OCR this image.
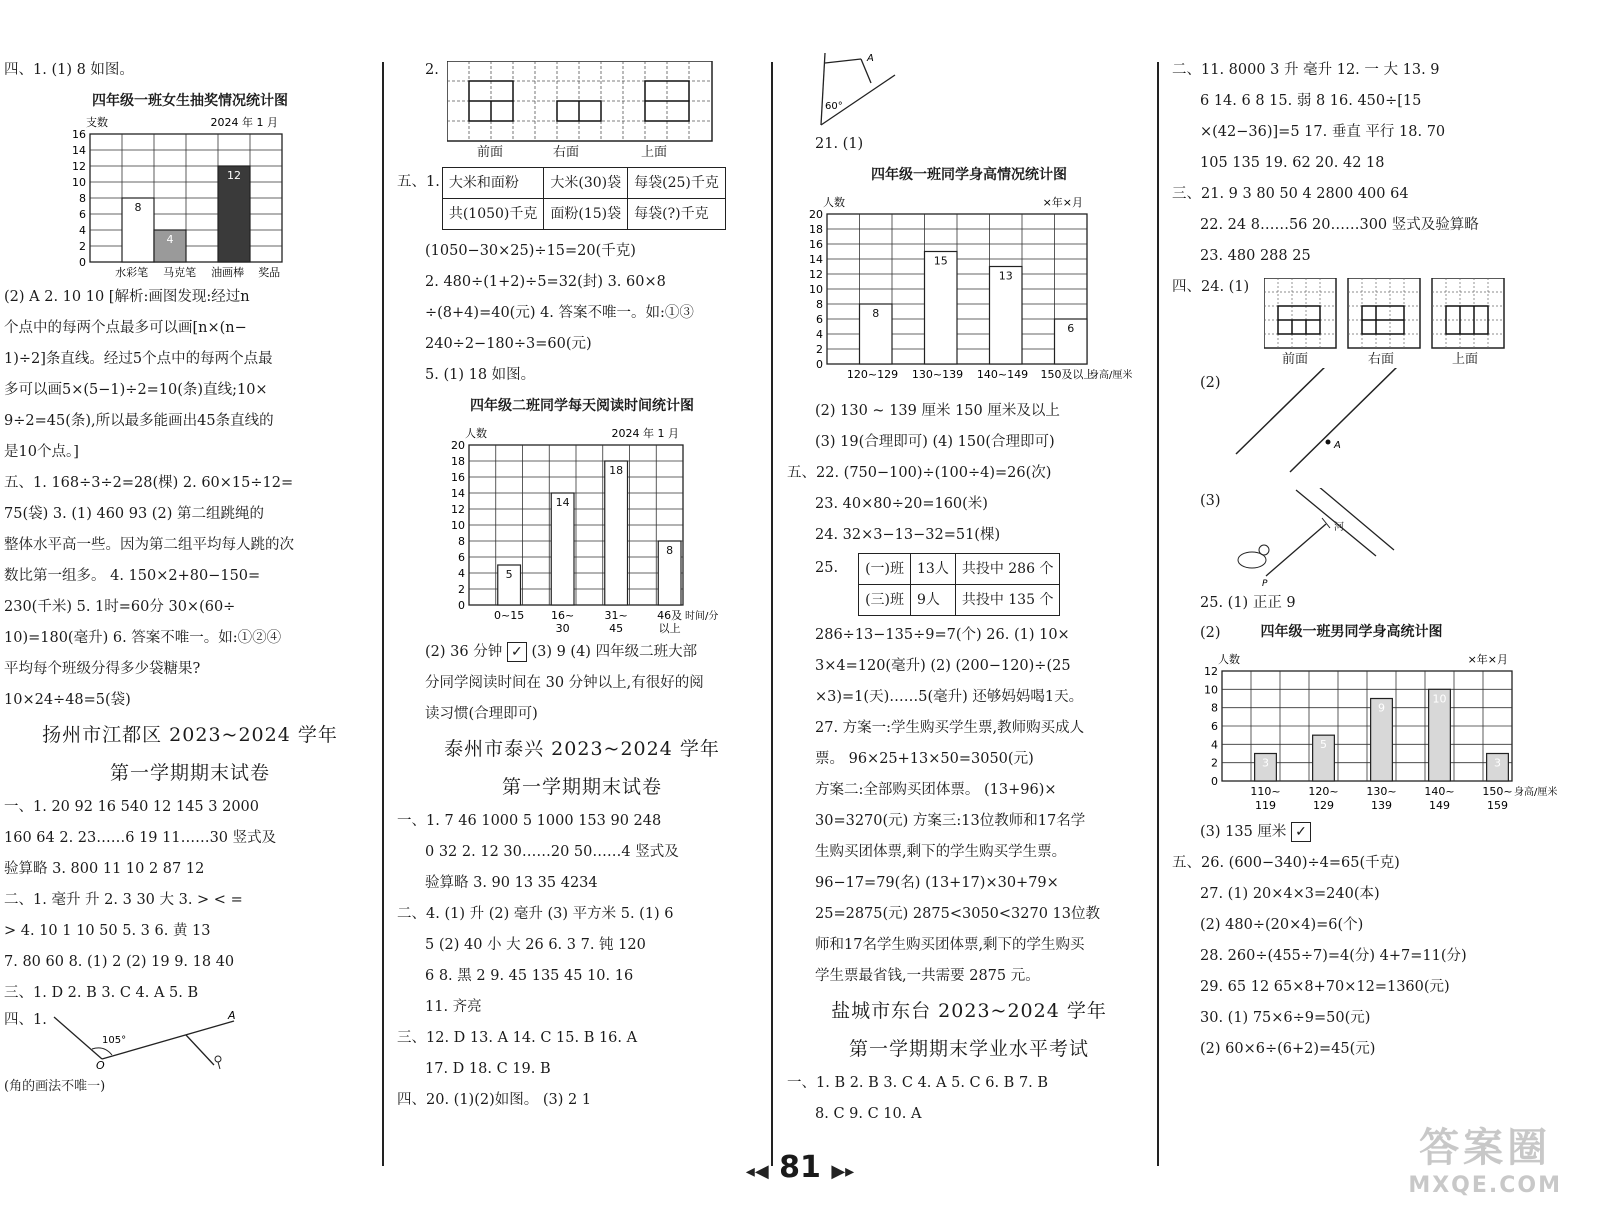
四、1. (1) 8 如图。
四年级一班女生抽奖情况统计图
支数	2024 年 1 月
0
2
4
6
8
10
12
14
16
8
4
12
水彩笔 马克笔 油画棒 奖品
(2) A 2. 10 10 [解析:画图发现:经过n
个点中的每两个点最多可以画[n×(n−
1)÷2]条直线。经过5个点中的每两个点最
多可以画5×(5−1)÷2=10(条)直线;10×
9÷2=45(条),所以最多能画出45条直线的
是10个点。]
五、1. 168÷3÷2=28(棵) 2. 60×15÷12=
75(袋) 3. (1) 460 93 (2) 第二组跳绳的
整体水平高一些。因为第二组平均每人跳的次
数比第一组多。 4. 150×2+80−150=
230(千米) 5. 1时=60分 30×(60÷
10)=180(毫升) 6. 答案不唯一。如:①②④
平均每个班级分得多少袋糖果?
10×24÷48=5(袋)
扬州市江都区 2023~2024 学年
第一学期期末试卷
一、1. 20 92 16 540 12 145 3 2000
160 64 2. 23……6 19 11……30 竖式及
验算略 3. 800 11 10 2 87 12
二、1. 毫升 升 2. 3 30 大 3. > < =
> 4. 10 1 10 50 5. 3 6. 黄 13
7. 80 60 8. (1) 2 (2) 19 9. 18 40
三、1. D 2. B 3. C 4. A 5. B
四、1.
105°
O
A
(角的画法不唯一)
2.
前面	右面	上面
五、1. 大米和面粉	大米(30)袋	每袋(25)千克
共(1050)千克	面粉(15)袋	每袋(?)千克
(1050−30×25)÷15=20(千克)
2. 480÷(1+2)÷5=32(封) 3. 60×8
÷(8+4)=40(元) 4. 答案不唯一。如:①③
240÷2−180÷3=60(元)
5. (1) 18 如图。
四年级二班同学每天阅读时间统计图
人数	2024 年 1 月
0
2
4
6
8
10
12
14
16
18
20
5
14
18
8
0~15 16~
30
31~
45
46及
以上
时间/分
(2) 36 分钟 ✓ (3) 9 (4) 四年级二班大部
分同学阅读时间在 30 分钟以上,有很好的阅
读习惯(合理即可)
泰州市泰兴 2023~2024 学年
第一学期期末试卷
一、1. 7 46 1000 5 1000 153 90 248
0 32 2. 12 30……20 50……4 竖式及
验算略 3. 90 13 35 4234
二、4. (1) 升 (2) 毫升 (3) 平方米 5. (1) 6
5 (2) 40 小 大 26 6. 3 7. 钝 120
6 8. 黑 2 9. 45 135 45 10. 16
11. 齐亮
三、12. D 13. A 14. C 15. B 16. A
17. D 18. C 19. B
四、20. (1)(2)如图。 (3) 2 1
60°
A
21. (1)
四年级一班同学身高情况统计图
人数	×年×月
0
2
4
6
8
10
12
14
16
18
20
8
15
13
6
120~129 130~139 140~149 150及以上
身高/厘米
(2) 130 ~ 139 厘米 150 厘米及以上
(3) 19(合理即可) (4) 150(合理即可)
五、22. (750−100)÷(100÷4)=26(次)
23. 40×80÷20=160(米)
24. 32×3−13−32=51(棵)
25. (一)班	13人	共投中 286 个
(三)班	9人	共投中 135 个
286÷13−135÷9=7(个) 26. (1) 10×
3×4=120(毫升) (2) (200−120)÷(25
×3)=1(天)……5(毫升) 还够妈妈喝1天。
27. 方案一:学生购买学生票,教师购买成人
票。 96×25+13×50=3050(元)
方案二:全部购买团体票。 (13+96)×
30=3270(元) 方案三:13位教师和17名学
生购买团体票,剩下的学生购买学生票。
96−17=79(名) (13+17)×30+79×
25=2875(元) 2875<3050<3270 13位教
师和17名学生购买团体票,剩下的学生购买
学生票最省钱,一共需要 2875 元。
盐城市东台 2023~2024 学年
第一学期期末学业水平考试
一、1. B 2. B 3. C 4. A 5. C 6. B 7. B
8. C 9. C 10. A
二、11. 8000 3 升 毫升 12. 一 大 13. 9
6 14. 6 8 15. 弱 8 16. 450÷[15
×(42−36)]=5 17. 垂直 平行 18. 70
105 135 19. 62 20. 42 18
三、21. 9 3 80 50 4 2800 400 64
22. 24 8……56 20……300 竖式及验算略
23. 480 288 25
四、24. (1)
前面	右面	上面
(2)
A
(3)
P
河
25. (1) 正正 9
(2)	四年级一班男同学身高统计图
人数	×年×月
0
2
4
6
8
10
12
3
5
9
10
3
110~	120~	130~	140~	150~ 身高/厘米
119	129	139	149	159
(3) 135 厘米 ✓
五、26. (600−340)÷4=65(千克)
27. (1) 20×4×3=240(本)
(2) 480÷(20×4)=6(个)
28. 260÷(455÷7)=4(分) 4+7=11(分)
29. 65 12 65×8+70×12=1360(元)
30. (1) 75×6÷9=50(元)
(2) 60×6÷(6+2)=45(元)
◂◀ 81 ▶▸
答案圈
MXQE.COM
